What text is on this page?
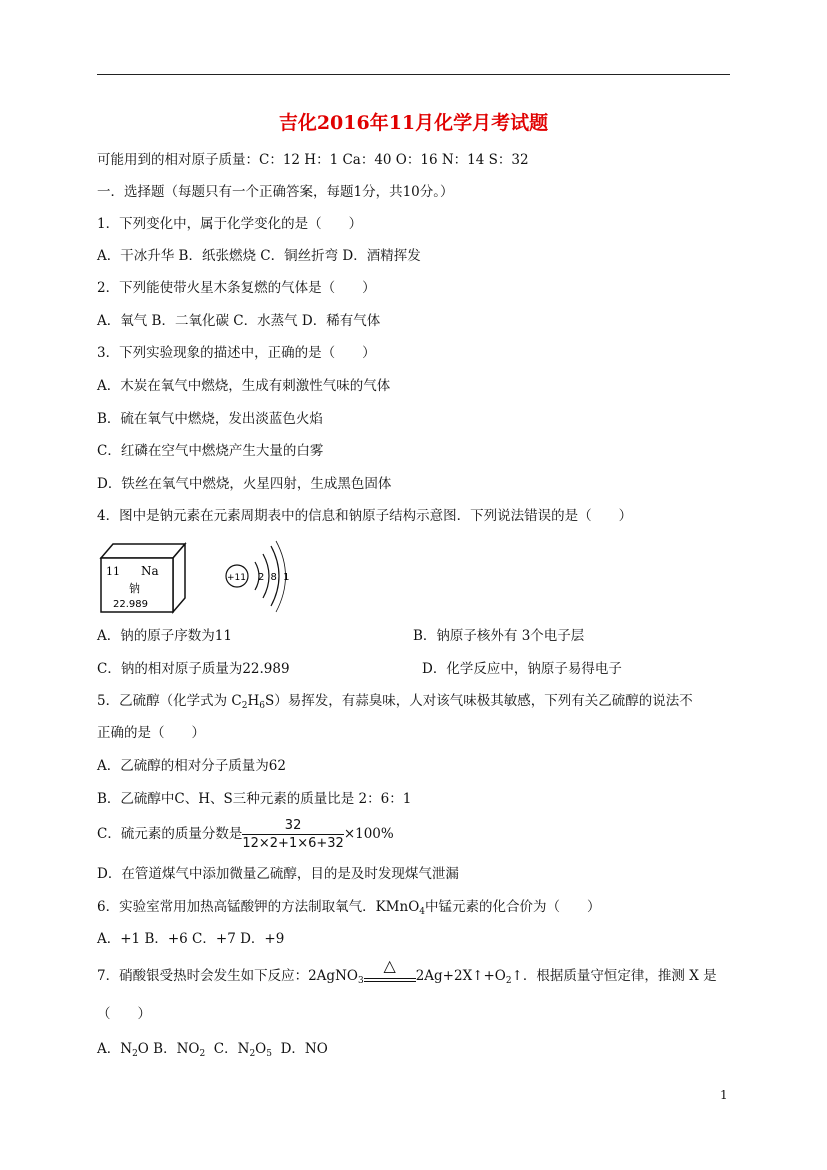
吉化2016年11月化学月考试题
可能用到的相对原子质量：C：12 H：1 Ca：40 O：16 N：14 S：32
一．选择题（每题只有一个正确答案，每题1分，共10分。）
1．下列变化中，属于化学变化的是（　　）
A．干冰升华 B．纸张燃烧 C．铜丝折弯 D．酒精挥发
2．下列能使带火星木条复燃的气体是（　　）
A．氧气 B．二氧化碳 C．水蒸气 D．稀有气体
3．下列实验现象的描述中，正确的是（　　）
A．木炭在氧气中燃烧，生成有刺激性气味的气体
B．硫在氧气中燃烧，发出淡蓝色火焰
C．红磷在空气中燃烧产生大量的白雾
D．铁丝在氧气中燃烧，火星四射，生成黑色固体
4．图中是钠元素在元素周期表中的信息和钠原子结构示意图．下列说法错误的是（　　）
11 Na
钠
22.989
+11 2 8 1
A．钠的原子序数为11	B．钠原子核外有 3个电子层
C．钠的相对原子质量为22.989	D．化学反应中，钠原子易得电子
5．乙硫醇（化学式为 $C_2H_6S$）易挥发，有蒜臭味，人对该气味极其敏感，下列有关乙硫醇的说法不
正确的是（　　）
A．乙硫醇的相对分子质量为62
B．乙硫醇中C、H、S三种元素的质量比是 2：6：1
C．硫元素的质量分数是 $\frac{32}{12\times 2+1\times 6+32} \times 100\%$
D．在管道煤气中添加微量乙硫醇，目的是及时发现煤气泄漏
6．实验室常用加热高锰酸钾的方法制取氧气．KMnO$_4$中锰元素的化合价为（　　）
A．+1 B．+6 C．+7 D．+9
7．硝酸银受热时会发生如下反应：2AgNO$_3$
△
$2Ag+2X↑+O_2↑$．根据质量守恒定律，推测 X 是
（　　）
A．$N_2O$ B．$NO_2$  C．$N_2O_5$  D．NO
1
